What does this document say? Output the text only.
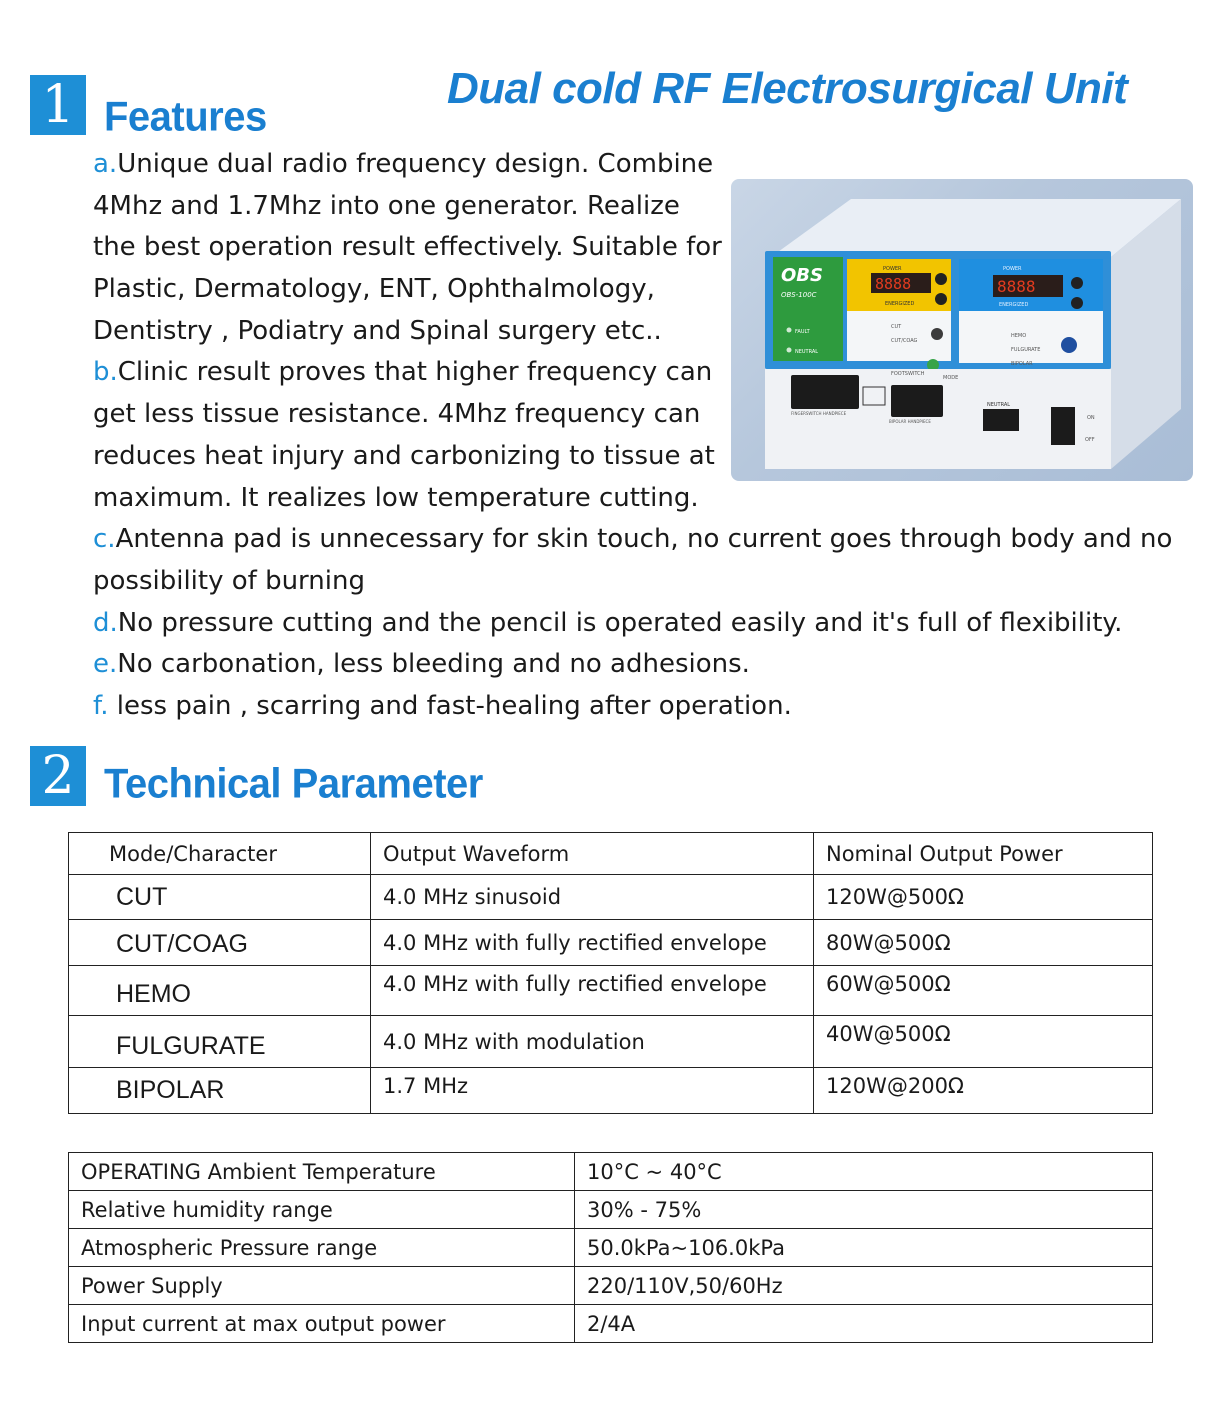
1 Features
Dual cold RF Electrosurgical Unit
a.Unique dual radio frequency design. Combine
4Mhz and 1.7Mhz into one generator. Realize
the best operation result effectively. Suitable for
Plastic, Dermatology, ENT, Ophthalmology,
Dentistry , Podiatry and Spinal surgery etc..
b.Clinic result proves that higher frequency can
get less tissue resistance. 4Mhz frequency can
reduces heat injury and carbonizing to tissue at
maximum. It realizes low temperature cutting.
c.Antenna pad is unnecessary for skin touch, no current goes through body and no
possibility of burning
d.No pressure cutting and the pencil is operated easily and it's full of flexibility.
e.No carbonation, less bleeding and no adhesions.
f. less pain , scarring and fast-healing after operation.
OBS
OBS-100C
FAULT
NEUTRAL
POWER
8888
ENERGIZED
CUT
CUT/COAG
POWER
8888
ENERGIZED
HEMO
FULGURATE
BIPOLAR
FOOTSWITCH
MODE
FINGERSWITCH HANDPIECE
BIPOLAR HANDPIECE
NEUTRAL
ON
OFF
2 Technical Parameter
Mode/Character	Output Waveform	Nominal Output Power
CUT	4.0 MHz sinusoid	120W@500Ω
CUT/COAG	4.0 MHz with fully rectified envelope	80W@500Ω
HEMO	4.0 MHz with fully rectified envelope	60W@500Ω
FULGURATE	4.0 MHz with modulation	40W@500Ω
BIPOLAR	1.7 MHz	120W@200Ω
OPERATING Ambient Temperature	10°C ~ 40°C
Relative humidity range	30% - 75%
Atmospheric Pressure range	50.0kPa~106.0kPa
Power Supply	220/110V,50/60Hz
Input current at max output power	2/4A
